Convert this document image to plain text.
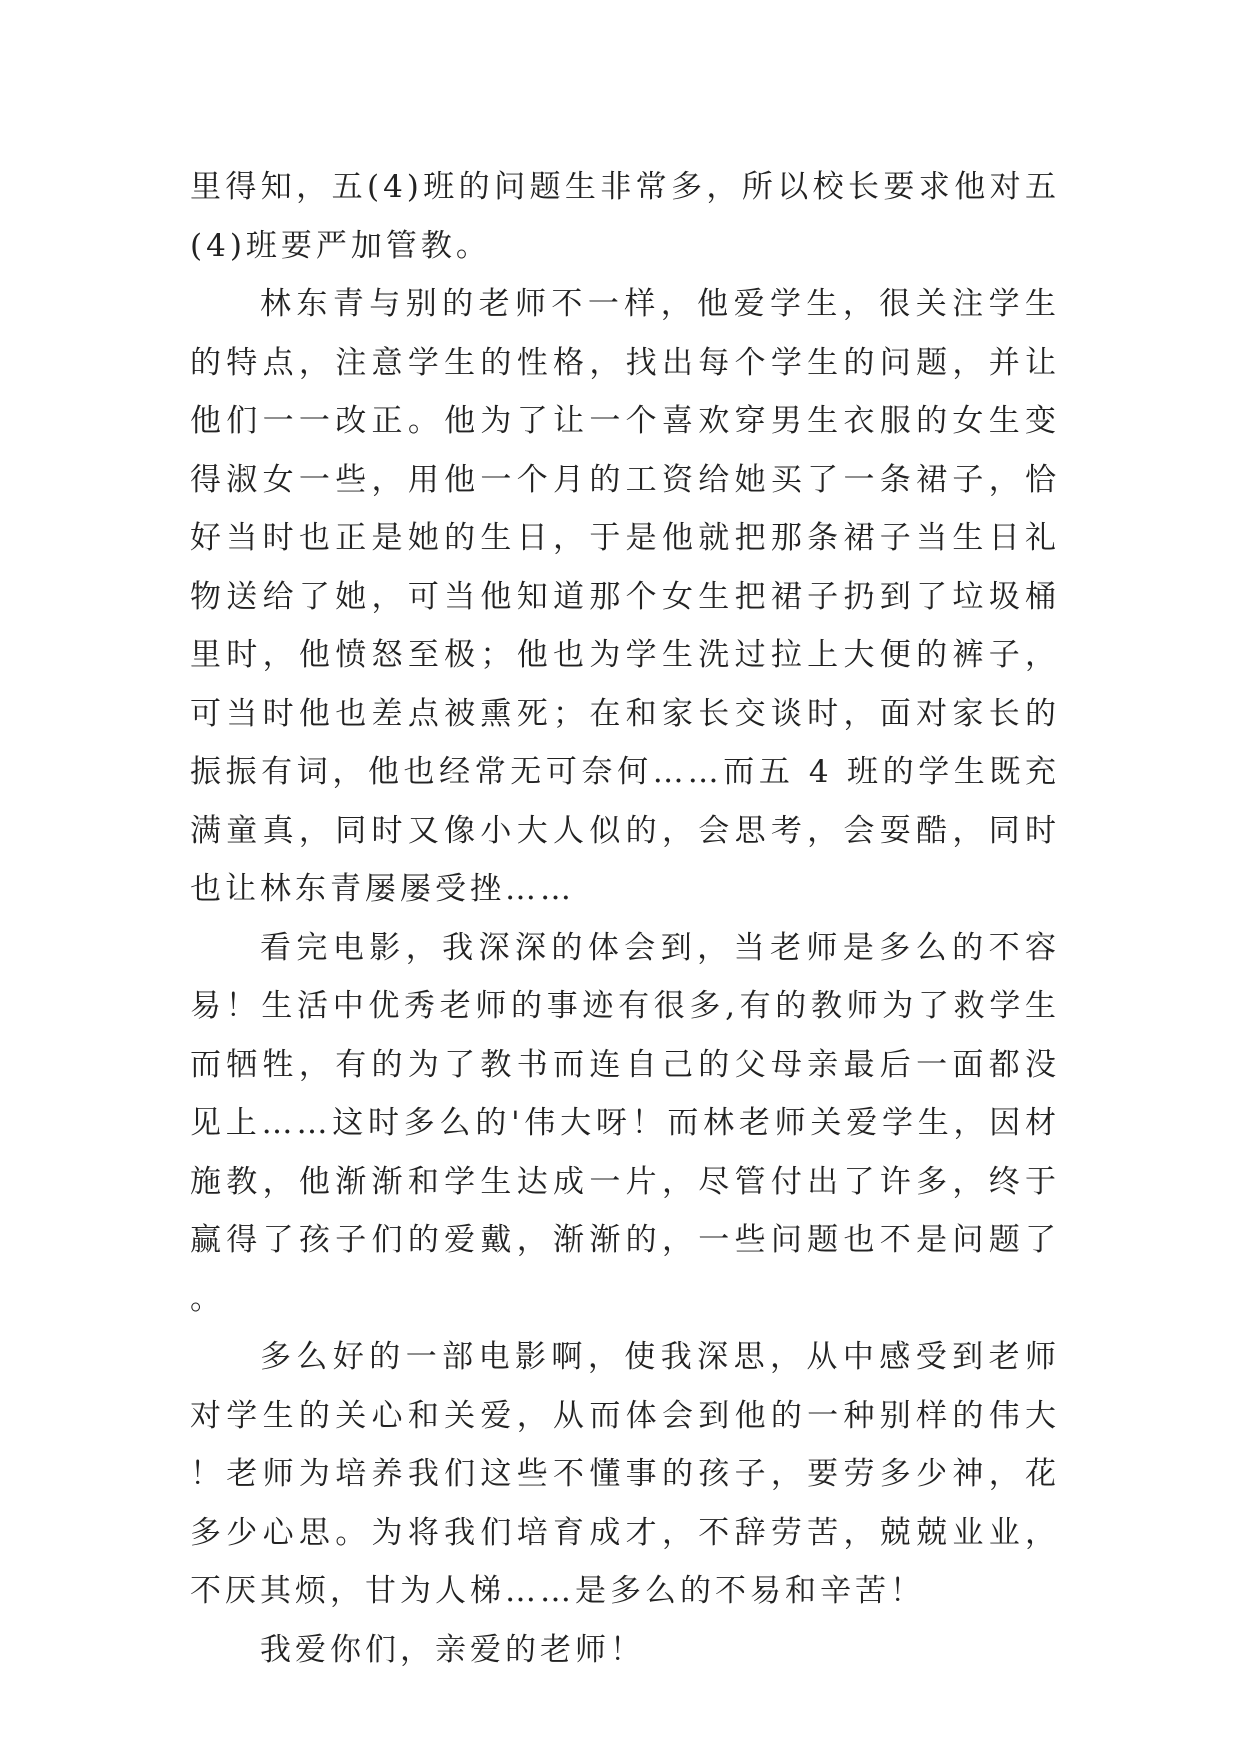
里得知，五(4)班的问题生非常多，所以校长要求他对五(4)班要严加管教。

林东青与别的老师不一样，他爱学生，很关注学生的特点，注意学生的性格，找出每个学生的问题，并让他们一一改正。他为了让一个喜欢穿男生衣服的女生变得淑女一些，用他一个月的工资给她买了一条裙子，恰好当时也正是她的生日，于是他就把那条裙子当生日礼物送给了她，可当他知道那个女生把裙子扔到了垃圾桶里时，他愤怒至极；他也为学生洗过拉上大便的裤子，可当时他也差点被熏死；在和家长交谈时，面对家长的振振有词，他也经常无可奈何……而五 4 班的学生既充满童真，同时又像小大人似的，会思考，会耍酷，同时也让林东青屡屡受挫……

看完电影，我深深的体会到，当老师是多么的不容易！生活中优秀老师的事迹有很多,有的教师为了救学生而牺牲，有的为了教书而连自己的父母亲最后一面都没见上……这时多么的'伟大呀！而林老师关爱学生，因材施教，他渐渐和学生达成一片，尽管付出了许多，终于赢得了孩子们的爱戴，渐渐的，一些问题也不是问题了。

多么好的一部电影啊，使我深思，从中感受到老师对学生的关心和关爱，从而体会到他的一种别样的伟大！老师为培养我们这些不懂事的孩子，要劳多少神，花多少心思。为将我们培育成才，不辞劳苦，兢兢业业，不厌其烦，甘为人梯……是多么的不易和辛苦！

我爱你们，亲爱的老师！
